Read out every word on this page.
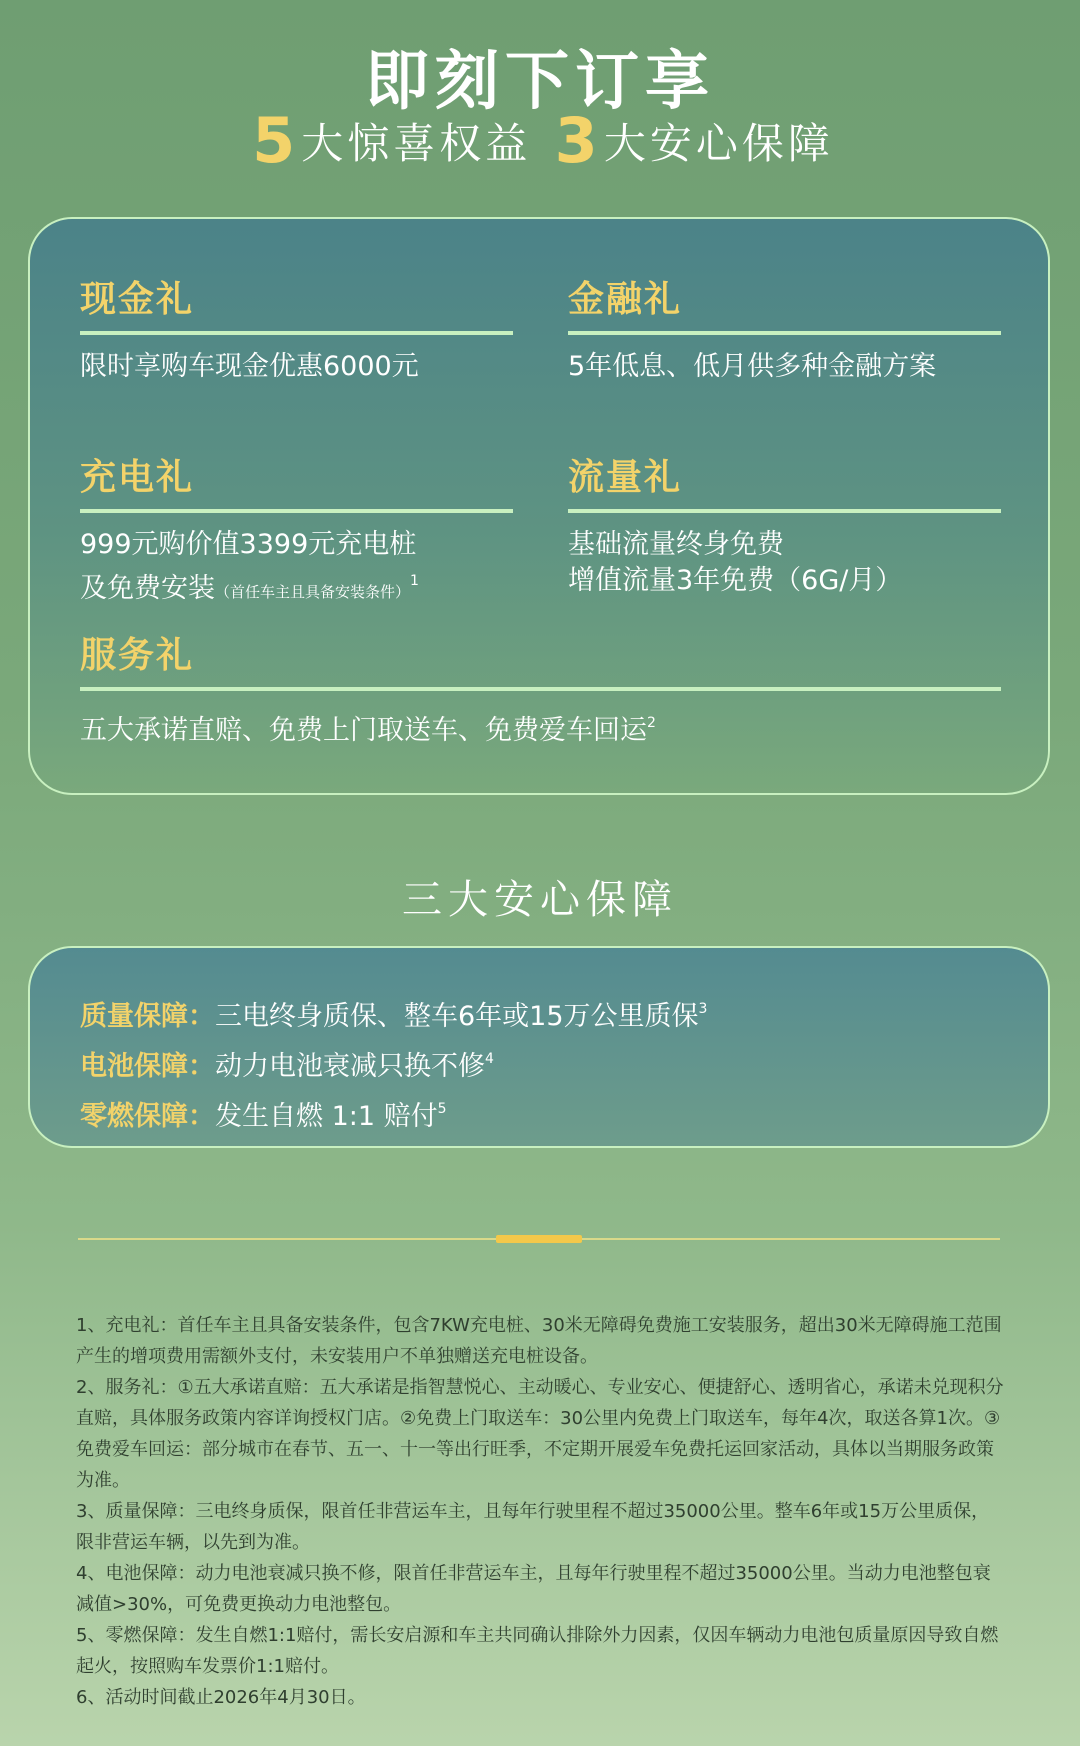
即刻下订享
5 大惊喜权益 3 大安心保障
现金礼
限时享购车现金优惠6000元
金融礼
5年低息、低月供多种金融方案
充电礼
999元购价值3399元充电桩
及免费安装（首任车主且具备安装条件）$^1$
流量礼
基础流量终身免费
增值流量3年免费（6G/月）
服务礼
五大承诺直赔、免费上门取送车、免费爱车回运$^2$
三大安心保障
质量保障：三电终身质保、整车6年或15万公里质保$^3$
电池保障：动力电池衰减只换不修$^4$
零燃保障：发生自燃 1:1 赔付$^5$
1、充电礼：首任车主且具备安装条件，包含7KW充电桩、30米无障碍免费施工安装服务，超出30米无障碍施工范围产生的增项费用需额外支付，未安装用户不单独赠送充电桩设备。
2、服务礼：①五大承诺直赔：五大承诺是指智慧悦心、主动暖心、专业安心、便捷舒心、透明省心，承诺未兑现积分直赔，具体服务政策内容详询授权门店。②免费上门取送车：30公里内免费上门取送车，每年4次，取送各算1次。③免费爱车回运：部分城市在春节、五一、十一等出行旺季，不定期开展爱车免费托运回家活动，具体以当期服务政策为准。
3、质量保障：三电终身质保，限首任非营运车主，且每年行驶里程不超过35000公里。整车6年或15万公里质保，限非营运车辆，以先到为准。
4、电池保障：动力电池衰减只换不修，限首任非营运车主，且每年行驶里程不超过35000公里。当动力电池整包衰减值>30%，可免费更换动力电池整包。
5、零燃保障：发生自燃1:1赔付，需长安启源和车主共同确认排除外力因素，仅因车辆动力电池包质量原因导致自燃起火，按照购车发票价1:1赔付。
6、活动时间截止2026年4月30日。
